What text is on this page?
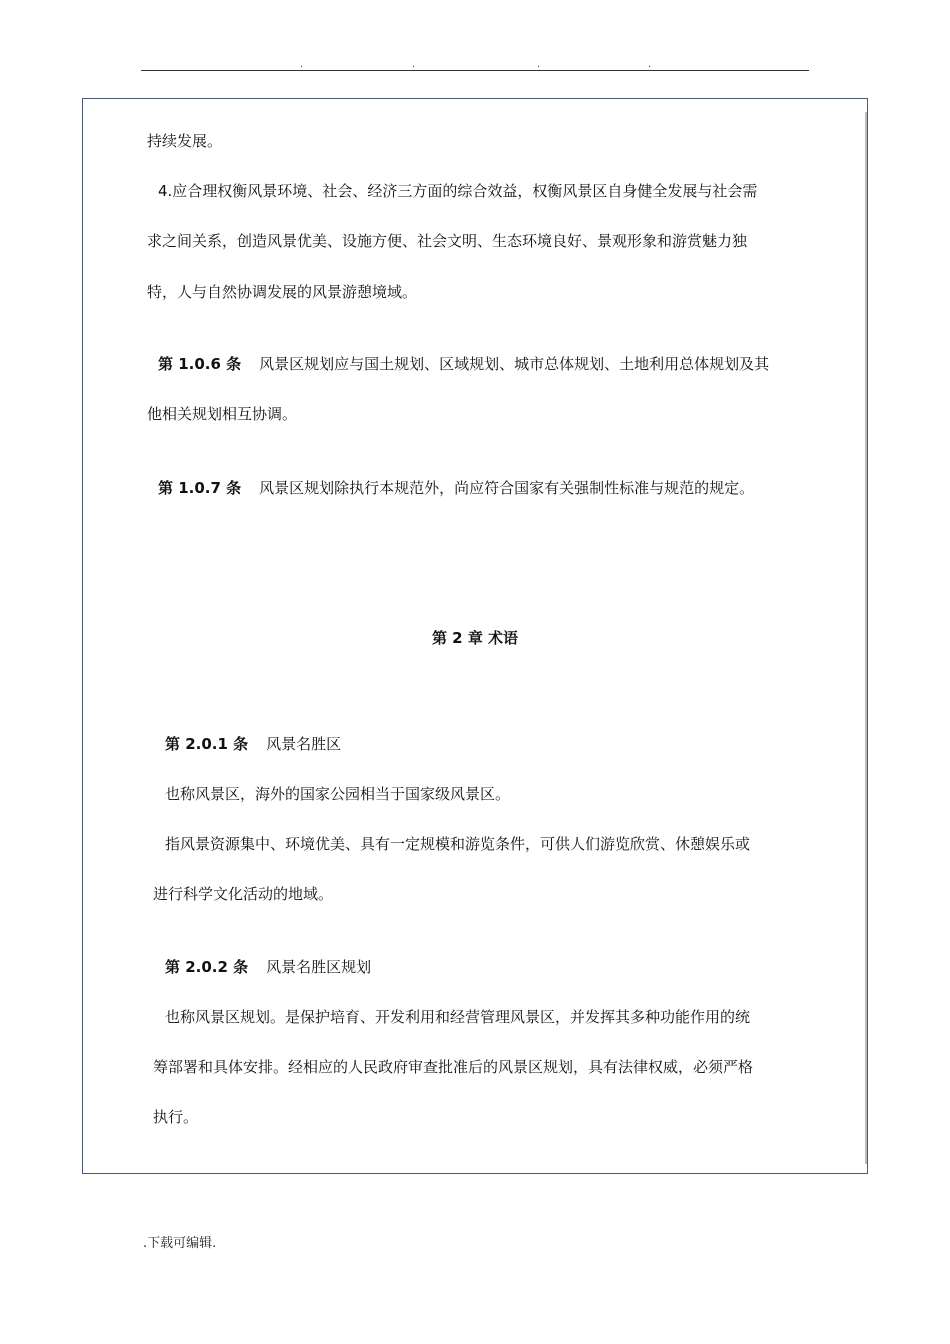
.	.	.	.
持续发展。
4.应合理权衡风景环境、社会、经济三方面的综合效益，权衡风景区自身健全发展与社会需
求之间关系，创造风景优美、设施方便、社会文明、生态环境良好、景观形象和游赏魅力独
特，人与自然协调发展的风景游憩境域。
第 1.0.6 条 风景区规划应与国土规划、区域规划、城市总体规划、土地利用总体规划及其
他相关规划相互协调。
第 1.0.7 条 风景区规划除执行本规范外，尚应符合国家有关强制性标准与规范的规定。
第 2 章 术语
第 2.0.1 条 风景名胜区
也称风景区，海外的国家公园相当于国家级风景区。
指风景资源集中、环境优美、具有一定规模和游览条件，可供人们游览欣赏、休憩娱乐或
进行科学文化活动的地域。
第 2.0.2 条 风景名胜区规划
也称风景区规划。是保护培育、开发利用和经营管理风景区，并发挥其多种功能作用的统
筹部署和具体安排。经相应的人民政府审查批准后的风景区规划，具有法律权威，必须严格
执行。
.下载可编辑.
